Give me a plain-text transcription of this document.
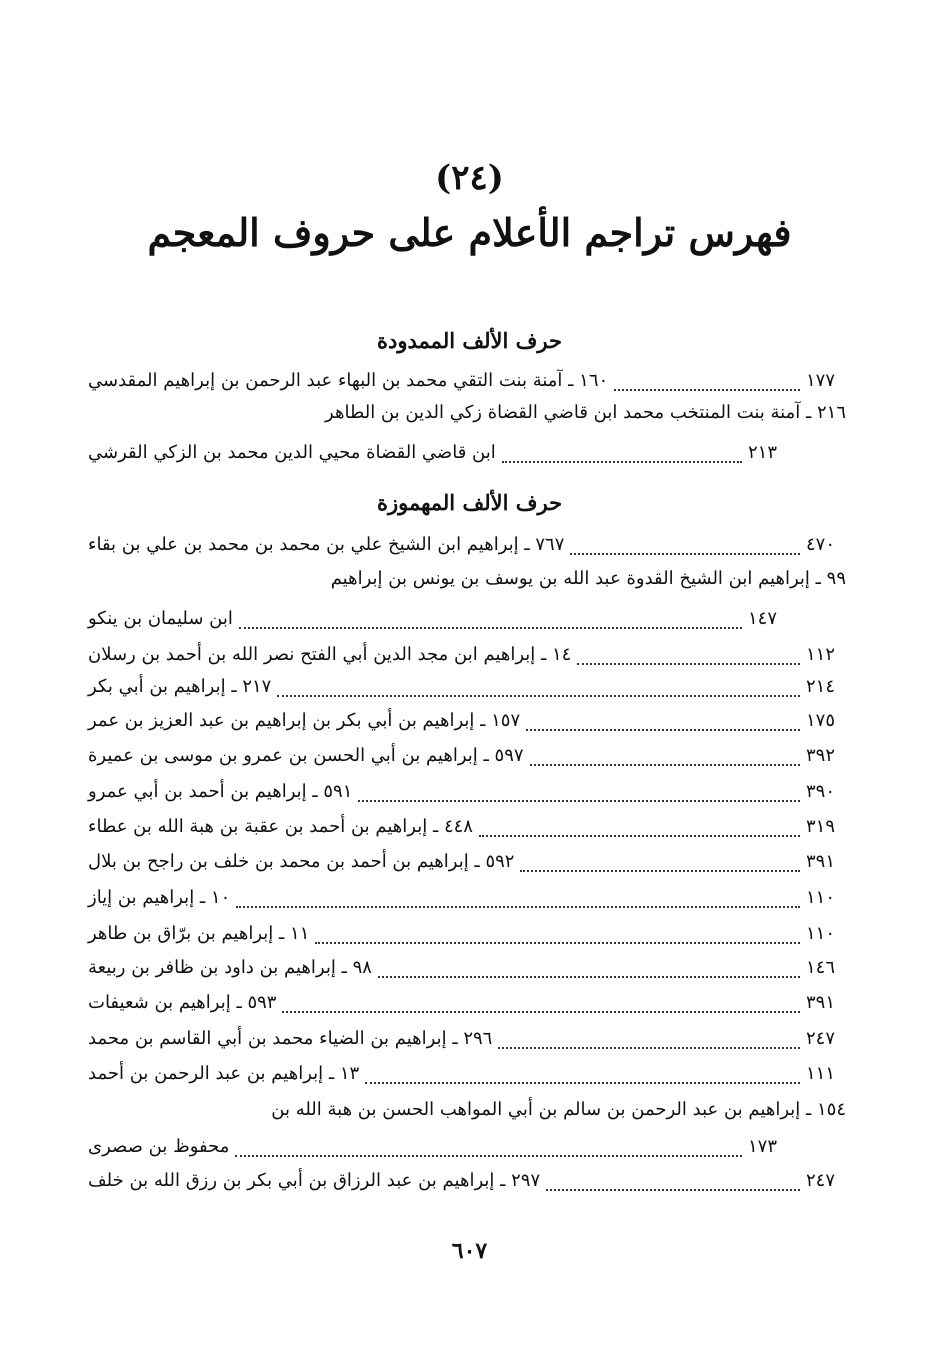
(٢٤)
فهرس تراجم الأعلام على حروف المعجم
حرف الألف الممدودة
١٦٠ ـ آمنة بنت التقي محمد بن البهاء عبد الرحمن بن إبراهيم المقدسي	١٧٧
٢١٦ ـ آمنة بنت المنتخب محمد ابن قاضي القضاة زكي الدين بن الطاهر
ابن قاضي القضاة محيي الدين محمد بن الزكي القرشي	٢١٣
حرف الألف المهموزة
٧٦٧ ـ إبراهيم ابن الشيخ علي بن محمد بن محمد بن علي بن بقاء	٤٧٠
٩٩ ـ إبراهيم ابن الشيخ القدوة عبد الله بن يوسف بن يونس بن إبراهيم
ابن سليمان بن ينكو	١٤٧
١٤ ـ إبراهيم ابن مجد الدين أبي الفتح نصر الله بن أحمد بن رسلان	١١٢
٢١٧ ـ إبراهيم بن أبي بكر	٢١٤
١٥٧ ـ إبراهيم بن أبي بكر بن إبراهيم بن عبد العزيز بن عمر	١٧٥
٥٩٧ ـ إبراهيم بن أبي الحسن بن عمرو بن موسى بن عميرة	٣٩٢
٥٩١ ـ إبراهيم بن أحمد بن أبي عمرو	٣٩٠
٤٤٨ ـ إبراهيم بن أحمد بن عقبة بن هبة الله بن عطاء	٣١٩
٥٩٢ ـ إبراهيم بن أحمد بن محمد بن خلف بن راجح بن بلال	٣٩١
١٠ ـ إبراهيم بن إياز	١١٠
١١ ـ إبراهيم بن برّاق بن طاهر	١١٠
٩٨ ـ إبراهيم بن داود بن ظافر بن ربيعة	١٤٦
٥٩٣ ـ إبراهيم بن شعيفات	٣٩١
٢٩٦ ـ إبراهيم بن الضياء محمد بن أبي القاسم بن محمد	٢٤٧
١٣ ـ إبراهيم بن عبد الرحمن بن أحمد	١١١
١٥٤ ـ إبراهيم بن عبد الرحمن بن سالم بن أبي المواهب الحسن بن هبة الله بن
محفوظ بن صصرى	١٧٣
٢٩٧ ـ إبراهيم بن عبد الرزاق بن أبي بكر بن رزق الله بن خلف	٢٤٧
٦٠٧
